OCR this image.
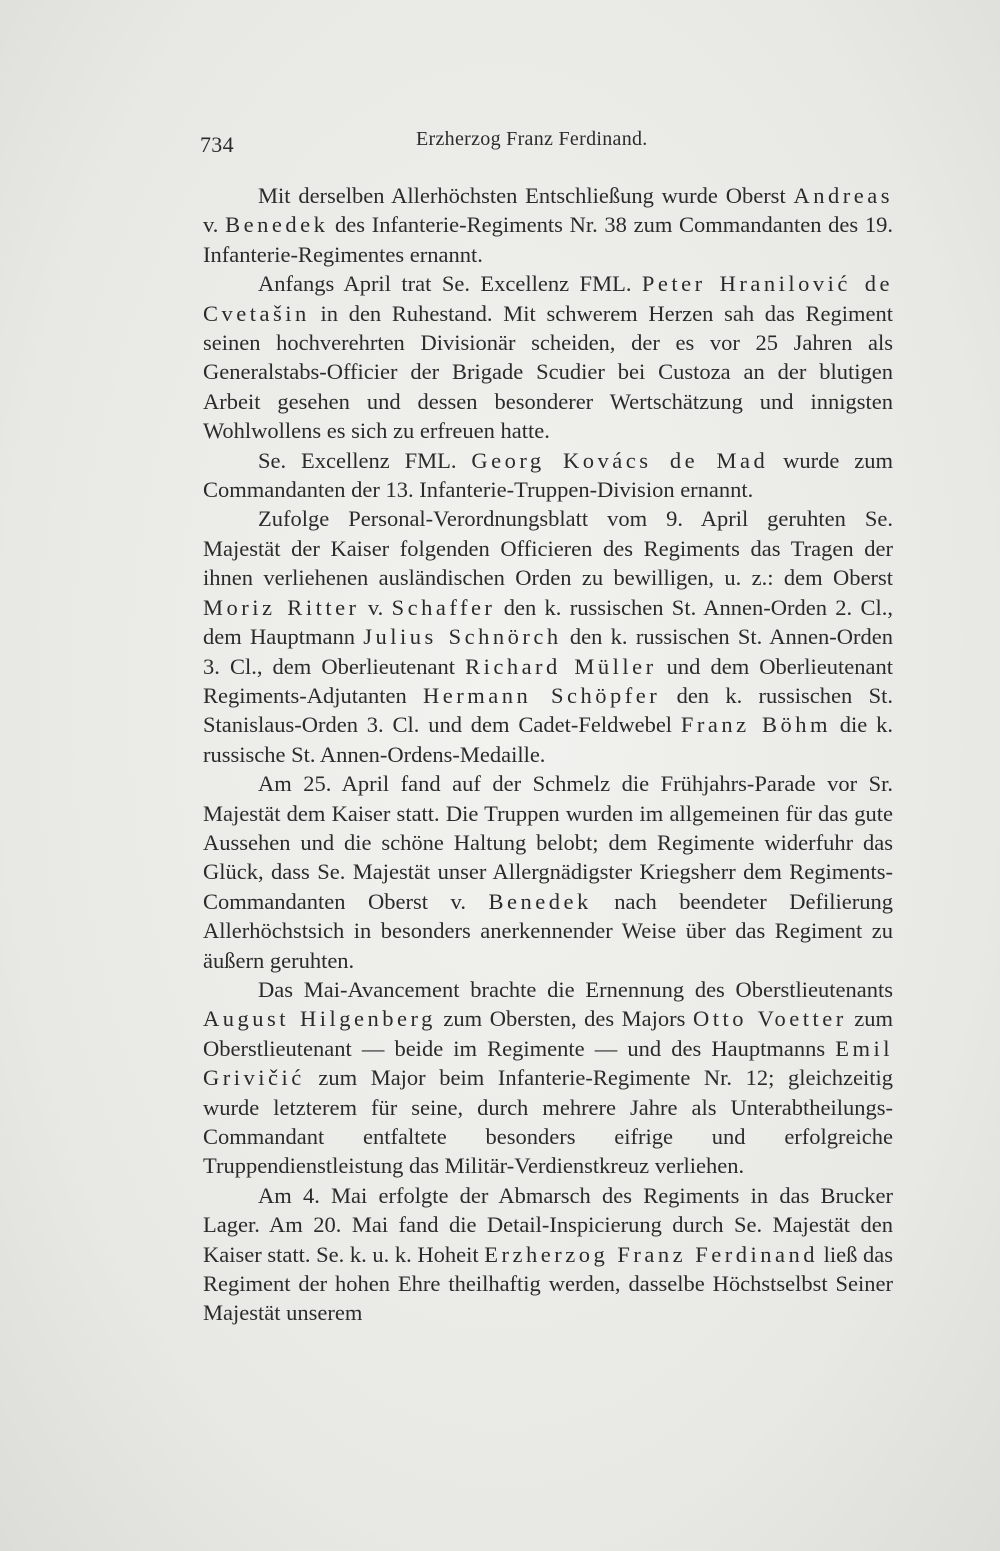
734	Erzherzog Franz Ferdinand.

Mit derselben Allerhöchsten Entschließung wurde Oberst Andreas v. Benedek des Infanterie-Regiments Nr. 38 zum Commandanten des 19. Infanterie-Regimentes ernannt.

Anfangs April trat Se. Excellenz FML. Peter Hranilović de Cvetašin in den Ruhestand. Mit schwerem Herzen sah das Regiment seinen hochverehrten Divisionär scheiden, der es vor 25 Jahren als Generalstabs-Officier der Brigade Scudier bei Custoza an der blutigen Arbeit gesehen und dessen besonderer Wertschätzung und innigsten Wohlwollens es sich zu erfreuen hatte.

Se. Excellenz FML. Georg Kovács de Mad wurde zum Commandanten der 13. Infanterie-Truppen-Division ernannt.

Zufolge Personal-Verordnungsblatt vom 9. April geruhten Se. Majestät der Kaiser folgenden Officieren des Regiments das Tragen der ihnen verliehenen ausländischen Orden zu bewilligen, u. z.: dem Oberst Moriz Ritter v. Schaffer den k. russischen St. Annen-Orden 2. Cl., dem Hauptmann Julius Schnörch den k. russischen St. Annen-Orden 3. Cl., dem Oberlieutenant Richard Müller und dem Oberlieutenant Regiments-Adjutanten Hermann Schöpfer den k. russischen St. Stanislaus-Orden 3. Cl. und dem Cadet-Feldwebel Franz Böhm die k. russische St. Annen-Ordens-Medaille.

Am 25. April fand auf der Schmelz die Frühjahrs-Parade vor Sr. Majestät dem Kaiser statt. Die Truppen wurden im allgemeinen für das gute Aussehen und die schöne Haltung belobt; dem Regimente widerfuhr das Glück, dass Se. Majestät unser Allergnädigster Kriegsherr dem Regiments-Commandanten Oberst v. Benedek nach beendeter Defilierung Allerhöchstsich in besonders anerkennender Weise über das Regiment zu äußern geruhten.

Das Mai-Avancement brachte die Ernennung des Oberstlieutenants August Hilgenberg zum Obersten, des Majors Otto Voetter zum Oberstlieutenant — beide im Regimente — und des Hauptmanns Emil Grivičić zum Major beim Infanterie-Regimente Nr. 12; gleichzeitig wurde letzterem für seine, durch mehrere Jahre als Unterabtheilungs-Commandant entfaltete besonders eifrige und erfolgreiche Truppendienstleistung das Militär-Verdienstkreuz verliehen.

Am 4. Mai erfolgte der Abmarsch des Regiments in das Brucker Lager. Am 20. Mai fand die Detail-Inspicierung durch Se. Majestät den Kaiser statt. Se. k. u. k. Hoheit Erzherzog Franz Ferdinand ließ das Regiment der hohen Ehre theilhaftig werden, dasselbe Höchstselbst Seiner Majestät unserem
